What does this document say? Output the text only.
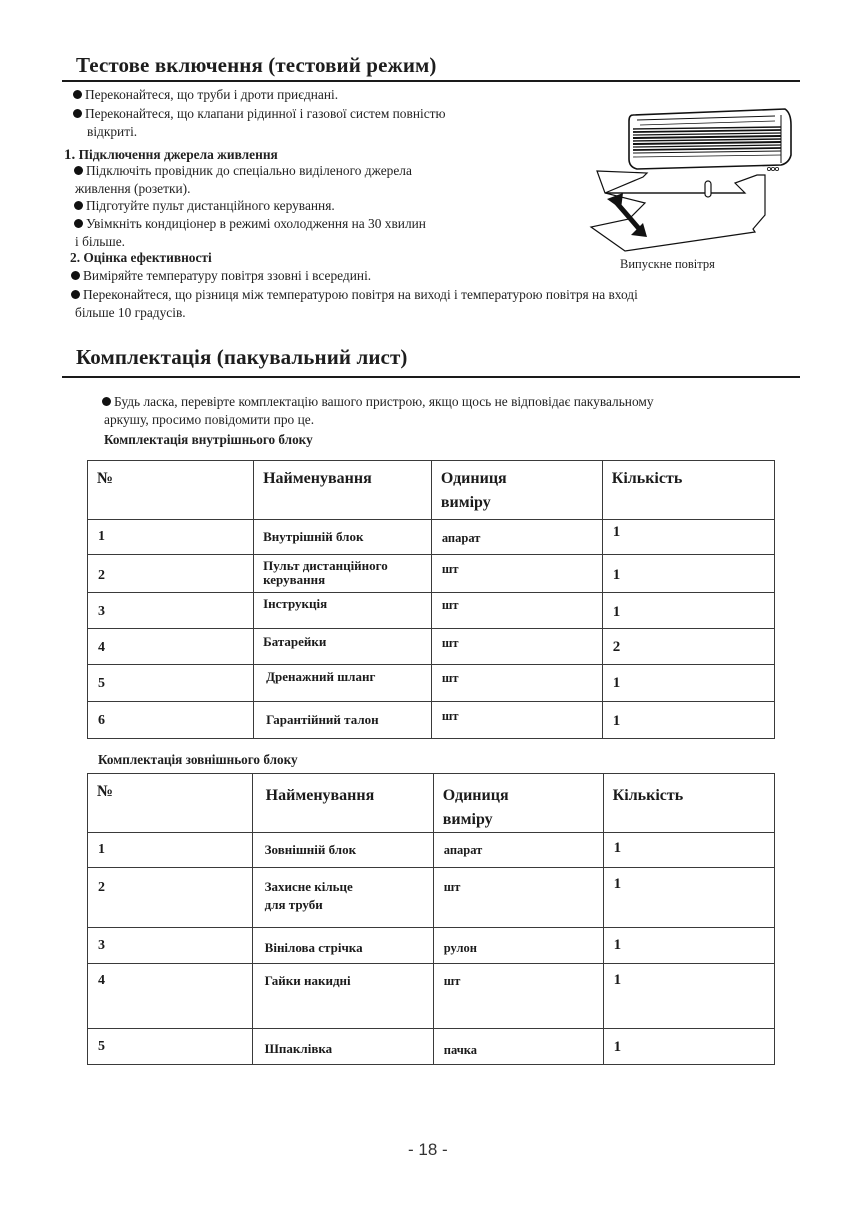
Тестове включення (тестовий режим)
Переконайтеся, що труби і дроти приєднані.
Переконайтеся, що клапани рідинної і газової систем повністю
відкриті.
1. Підключення джерела живлення
Підключіть провідник до спеціально виділеного джерела
живлення (розетки).
Підготуйте пульт дистанційного керування.
Увімкніть кондиціонер в режимі охолодження на 30 хвилин
і більше.
2. Оцінка ефективності
Виміряйте температуру повітря ззовні і всередині.
Переконайтеся, що різниця між температурою повітря на виході і температурою повітря на вході
більше 10 градусів.
Випускне повітря
Комплектація (пакувальний лист)
Будь ласка, перевірте комплектацію вашого пристрою, якщо щось не відповідає пакувальному
аркушу, просимо повідомити про це.
Комплектація внутрішнього блоку
№	Найменування	Одиниця
виміру	Кількість

1	Внутрішній блок	апарат	1

2	Пульт дистанційного
керування	шт	1

3	Інструкція	шт	1

4	Батарейки	шт	2

5	Дренажний шланг	шт	1

6	Гарантійний талон	шт	1
Комплектація зовнішнього блоку
№	Найменування	Одиниця
виміру	Кількість

1	Зовнішній блок	апарат	1

2	Захисне кільце
для труби	шт	1

3	Вінілова стрічка	рулон	1

4	Гайки накидні	шт	1

5	Шпаклівка	пачка	1
- 18 -
